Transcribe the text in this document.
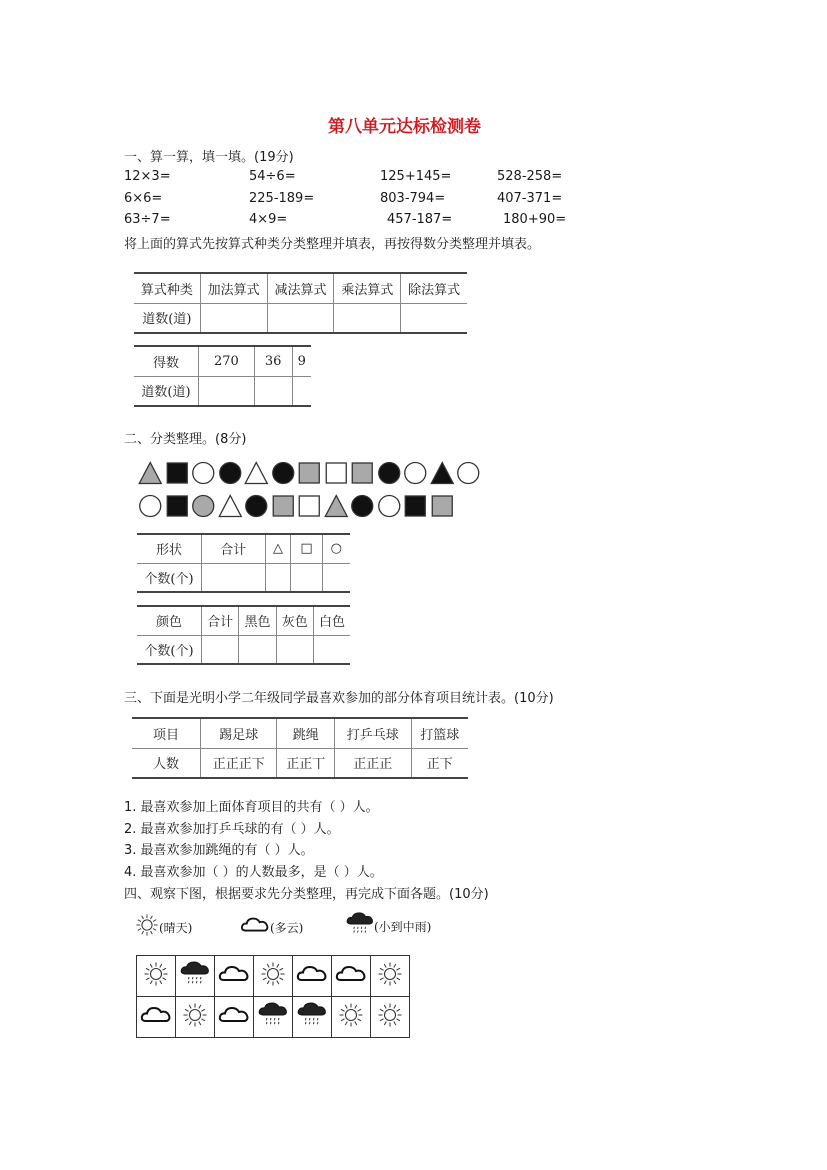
第八单元达标检测卷
一、算一算，填一填。(19分)
12×3=	54÷6=	125+145=	528-258=
6×6=	225-189=	803-794=	407-371=
63÷7=	4×9=	457-187=	180+90=
将上面的算式先按算式种类分类整理并填表，再按得数分类整理并填表。
算式种类	加法算式	减法算式	乘法算式	除法算式
道数(道)				
得数	270	36	9
道数(道)			
二、分类整理。(8分)
形状	合计	△	□	○
个数(个)				
颜色	合计	黑色	灰色	白色
个数(个)				
三、下面是光明小学二年级同学最喜欢参加的部分体育项目统计表。(10分)
项目	踢足球	跳绳	打乒乓球	打篮球
人数	正正正下	正正丅	正正正	正下
1. 最喜欢参加上面体育项目的共有（ ）人。
2. 最喜欢参加打乒乓球的有（ ）人。
3. 最喜欢参加跳绳的有（ ）人。
4. 最喜欢参加（ ）的人数最多，是（ ）人。
四、观察下图，根据要求先分类整理，再完成下面各题。(10分)
(晴天)	(多云)	(小到中雨)
